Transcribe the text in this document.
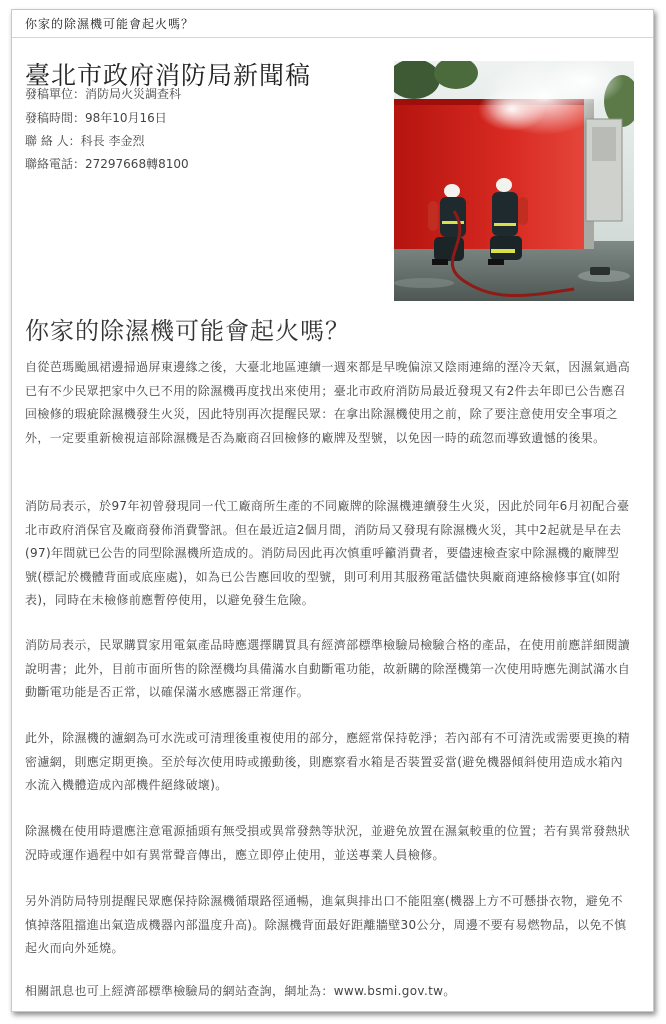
你家的除濕機可能會起火嗎？
臺北市政府消防局新聞稿
發稿單位：消防局火災調查科
發稿時間：98年10月16日
聯 絡 人：科長 李金烈
聯絡電話：27297668轉8100
你家的除濕機可能會起火嗎？

自從芭瑪颱風裙邊掃過屏東邊緣之後，大臺北地區連續一週來都是早晚偏涼又陰雨連綿的溼冷天氣，因濕氣過高已有不少民眾把家中久已不用的除濕機再度找出來使用；臺北市政府消防局最近發現又有2件去年即已公告應召回檢修的瑕疵除濕機發生火災，因此特別再次提醒民眾：在拿出除濕機使用之前，除了要注意使用安全事項之外，一定要重新檢視這部除濕機是否為廠商召回檢修的廠牌及型號，以免因一時的疏忽而導致遺憾的後果。

消防局表示，於97年初曾發現同一代工廠商所生產的不同廠牌的除濕機連續發生火災，因此於同年6月初配合臺北市政府消保官及廠商發佈消費警訊。但在最近這2個月間，消防局又發現有除濕機火災，其中2起就是早在去(97)年間就已公告的同型除濕機所造成的。消防局因此再次慎重呼籲消費者，要儘速檢查家中除濕機的廠牌型號(標記於機體背面或底座處)，如為已公告應回收的型號，則可利用其服務電話儘快與廠商連絡檢修事宜(如附表)，同時在未檢修前應暫停使用，以避免發生危險。

消防局表示，民眾購買家用電氣產品時應選擇購買具有經濟部標準檢驗局檢驗合格的產品，在使用前應詳細閱讀說明書；此外，目前市面所售的除溼機均具備滿水自動斷電功能，故新購的除溼機第一次使用時應先測試滿水自動斷電功能是否正常，以確保滿水感應器正常運作。

此外，除濕機的濾網為可水洗或可清理後重複使用的部分，應經常保持乾淨；若內部有不可清洗或需要更換的精密濾網，則應定期更換。至於每次使用時或搬動後，則應察看水箱是否裝置妥當(避免機器傾斜使用造成水箱內水流入機體造成內部機件絕緣破壞)。

除濕機在使用時還應注意電源插頭有無受損或異常發熱等狀況，並避免放置在濕氣較重的位置；若有異常發熱狀況時或運作過程中如有異常聲音傳出，應立即停止使用，並送專業人員檢修。

另外消防局特別提醒民眾應保持除濕機循環路徑通暢，進氣與排出口不能阻塞(機器上方不可懸掛衣物，避免不慎掉落阻擋進出氣造成機器內部溫度升高)。除濕機背面最好距離牆壁30公分，周邊不要有易燃物品，以免不慎起火而向外延燒。

相關訊息也可上經濟部標準檢驗局的網站查詢，網址為：www.bsmi.gov.tw。
